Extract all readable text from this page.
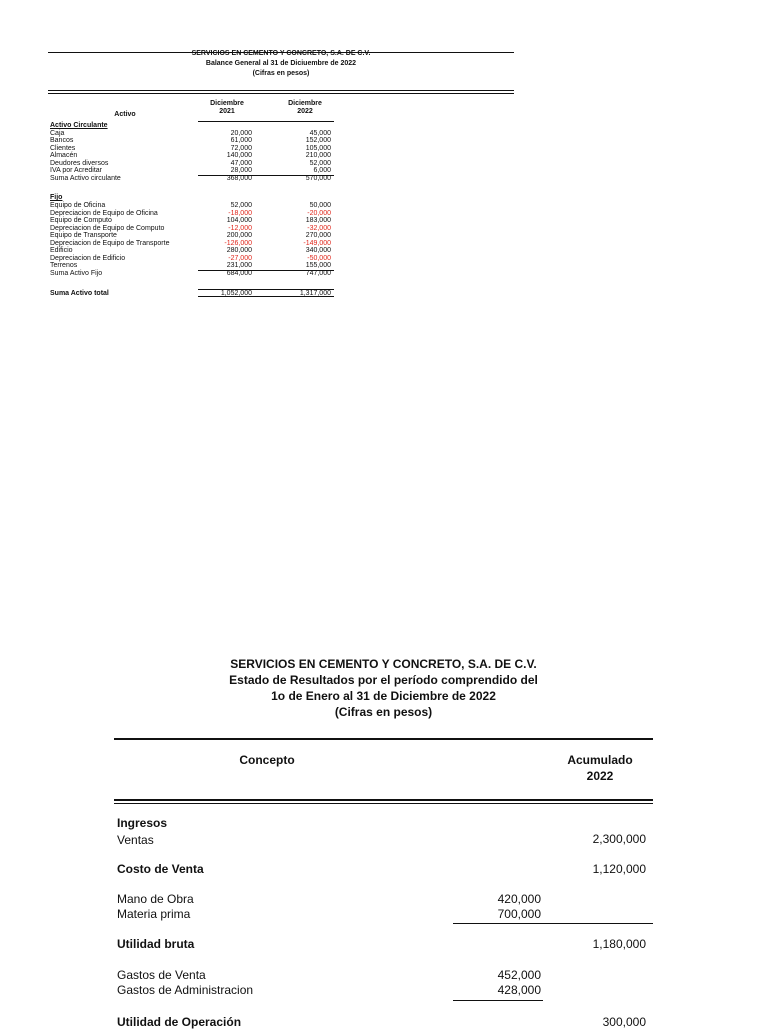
SERVICIOS EN CEMENTO Y CONCRETO, S.A. DE C.V.
Balance General al 31 de Diciuembre de 2022
(Cifras en pesos)
Diciembre
2021
Diciembre
2022
Activo
Activo Circulante
Caja	20,000	45,000
Bancos	61,000	152,000
Clientes	72,000	105,000
Almacén	140,000	210,000
Deudores diversos	47,000	52,000
IVA por Acreditar	28,000	6,000
Suma Activo circulante	368,000	570,000
Fijo
Equipo de Oficina	52,000	50,000
Depreciacion de Equipo de Oficina	-18,000	-20,000
Equipo de Computo	104,000	183,000
Depreciacion de Equipo de Computo	-12,000	-32,000
Equipo de Transporte	200,000	270,000
Depreciacion de Equipo de Transporte	-126,000	-149,000
Edificio	280,000	340,000
Depreciacion de Edificio	-27,000	-50,000
Terrenos	231,000	155,000
Suma Activo Fijo	684,000	747,000
Suma Activo total	1,052,000	1,317,000
SERVICIOS EN CEMENTO Y CONCRETO, S.A. DE C.V.
Estado de Resultados por el período comprendido del
1o de Enero al 31 de Diciembre de 2022
(Cifras en pesos)
Concepto	Acumulado
2022
Ingresos
Ventas	2,300,000
Costo de Venta	1,120,000
Mano de Obra	420,000
Materia prima	700,000
Utilidad bruta	1,180,000
Gastos de Venta	452,000
Gastos de Administracion	428,000
Utilidad de Operación	300,000
